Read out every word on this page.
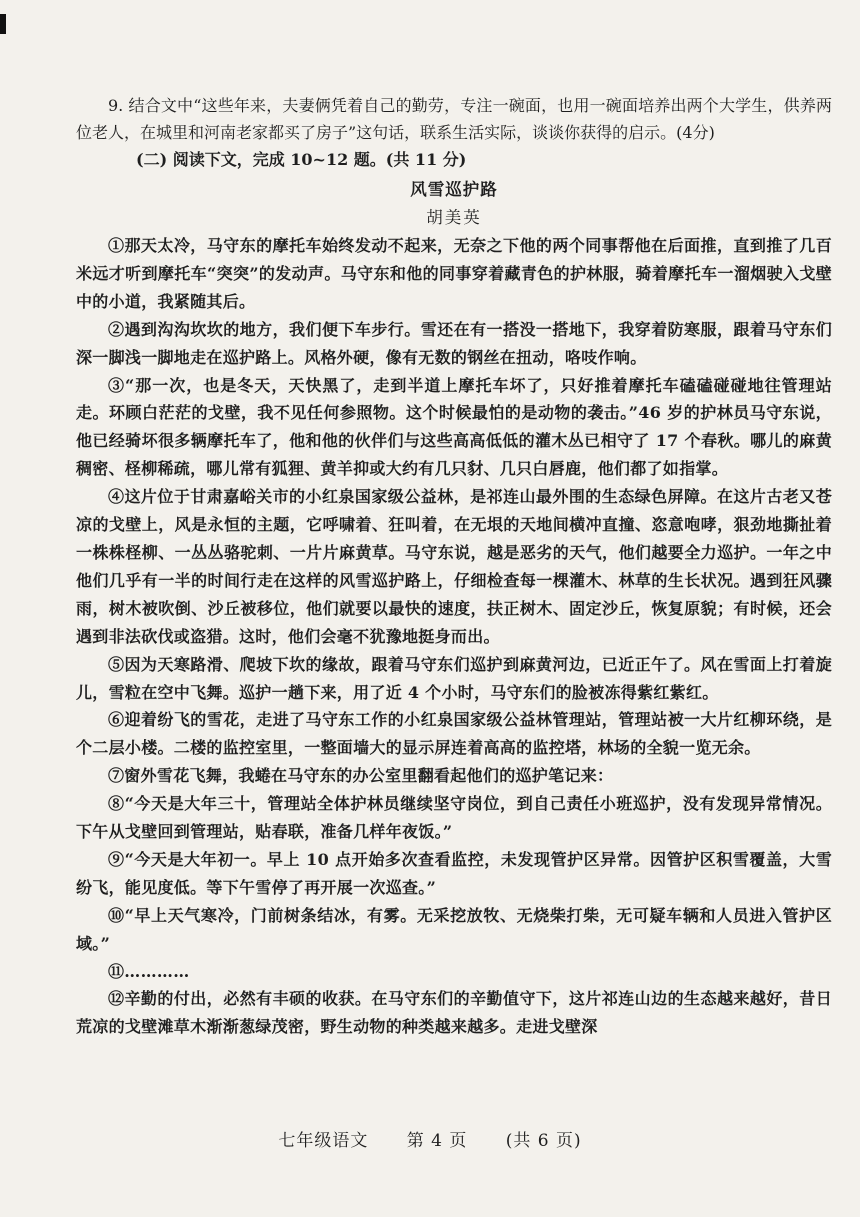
9. 结合文中“这些年来，夫妻俩凭着自己的勤劳，专注一碗面，也用一碗面培养出两个大学生，供养两位老人，在城里和河南老家都买了房子”这句话，联系生活实际，谈谈你获得的启示。(4分)

(二) 阅读下文，完成 10~12 题。(共 11 分)

风雪巡护路

胡美英

①那天太冷，马守东的摩托车始终发动不起来，无奈之下他的两个同事帮他在后面推，直到推了几百米远才听到摩托车“突突”的发动声。马守东和他的同事穿着藏青色的护林服，骑着摩托车一溜烟驶入戈壁中的小道，我紧随其后。

②遇到沟沟坎坎的地方，我们便下车步行。雪还在有一搭没一搭地下，我穿着防寒服，跟着马守东们深一脚浅一脚地走在巡护路上。风格外硬，像有无数的钢丝在扭动，咯吱作响。

③“那一次，也是冬天，天快黑了，走到半道上摩托车坏了，只好推着摩托车磕磕碰碰地往管理站走。环顾白茫茫的戈壁，我不见任何参照物。这个时候最怕的是动物的袭击。”46 岁的护林员马守东说，他已经骑坏很多辆摩托车了，他和他的伙伴们与这些高高低低的灌木丛已相守了 17 个春秋。哪儿的麻黄稠密、柽柳稀疏，哪儿常有狐狸、黄羊抑或大约有几只豺、几只白唇鹿，他们都了如指掌。

④这片位于甘肃嘉峪关市的小红泉国家级公益林，是祁连山最外围的生态绿色屏障。在这片古老又苍凉的戈壁上，风是永恒的主题，它呼啸着、狂叫着，在无垠的天地间横冲直撞、恣意咆哮，狠劲地撕扯着一株株柽柳、一丛丛骆驼刺、一片片麻黄草。马守东说，越是恶劣的天气，他们越要全力巡护。一年之中他们几乎有一半的时间行走在这样的风雪巡护路上，仔细检查每一棵灌木、林草的生长状况。遇到狂风骤雨，树木被吹倒、沙丘被移位，他们就要以最快的速度，扶正树木、固定沙丘，恢复原貌；有时候，还会遇到非法砍伐或盗猎。这时，他们会毫不犹豫地挺身而出。

⑤因为天寒路滑、爬坡下坎的缘故，跟着马守东们巡护到麻黄河边，已近正午了。风在雪面上打着旋儿，雪粒在空中飞舞。巡护一趟下来，用了近 4 个小时，马守东们的脸被冻得紫红紫红。

⑥迎着纷飞的雪花，走进了马守东工作的小红泉国家级公益林管理站，管理站被一大片红柳环绕，是个二层小楼。二楼的监控室里，一整面墙大的显示屏连着高高的监控塔，林场的全貌一览无余。

⑦窗外雪花飞舞，我蜷在马守东的办公室里翻看起他们的巡护笔记来：

⑧“今天是大年三十，管理站全体护林员继续坚守岗位，到自己责任小班巡护，没有发现异常情况。下午从戈壁回到管理站，贴春联，准备几样年夜饭。”

⑨“今天是大年初一。早上 10 点开始多次查看监控，未发现管护区异常。因管护区积雪覆盖，大雪纷飞，能见度低。等下午雪停了再开展一次巡查。”

⑩“早上天气寒冷，门前树条结冰，有雾。无采挖放牧、无烧柴打柴，无可疑车辆和人员进入管护区域。”

⑪…………

⑫辛勤的付出，必然有丰硕的收获。在马守东们的辛勤值守下，这片祁连山边的生态越来越好，昔日荒凉的戈壁滩草木渐渐葱绿茂密，野生动物的种类越来越多。走进戈壁深

七年级语文 第 4 页 (共 6 页)
